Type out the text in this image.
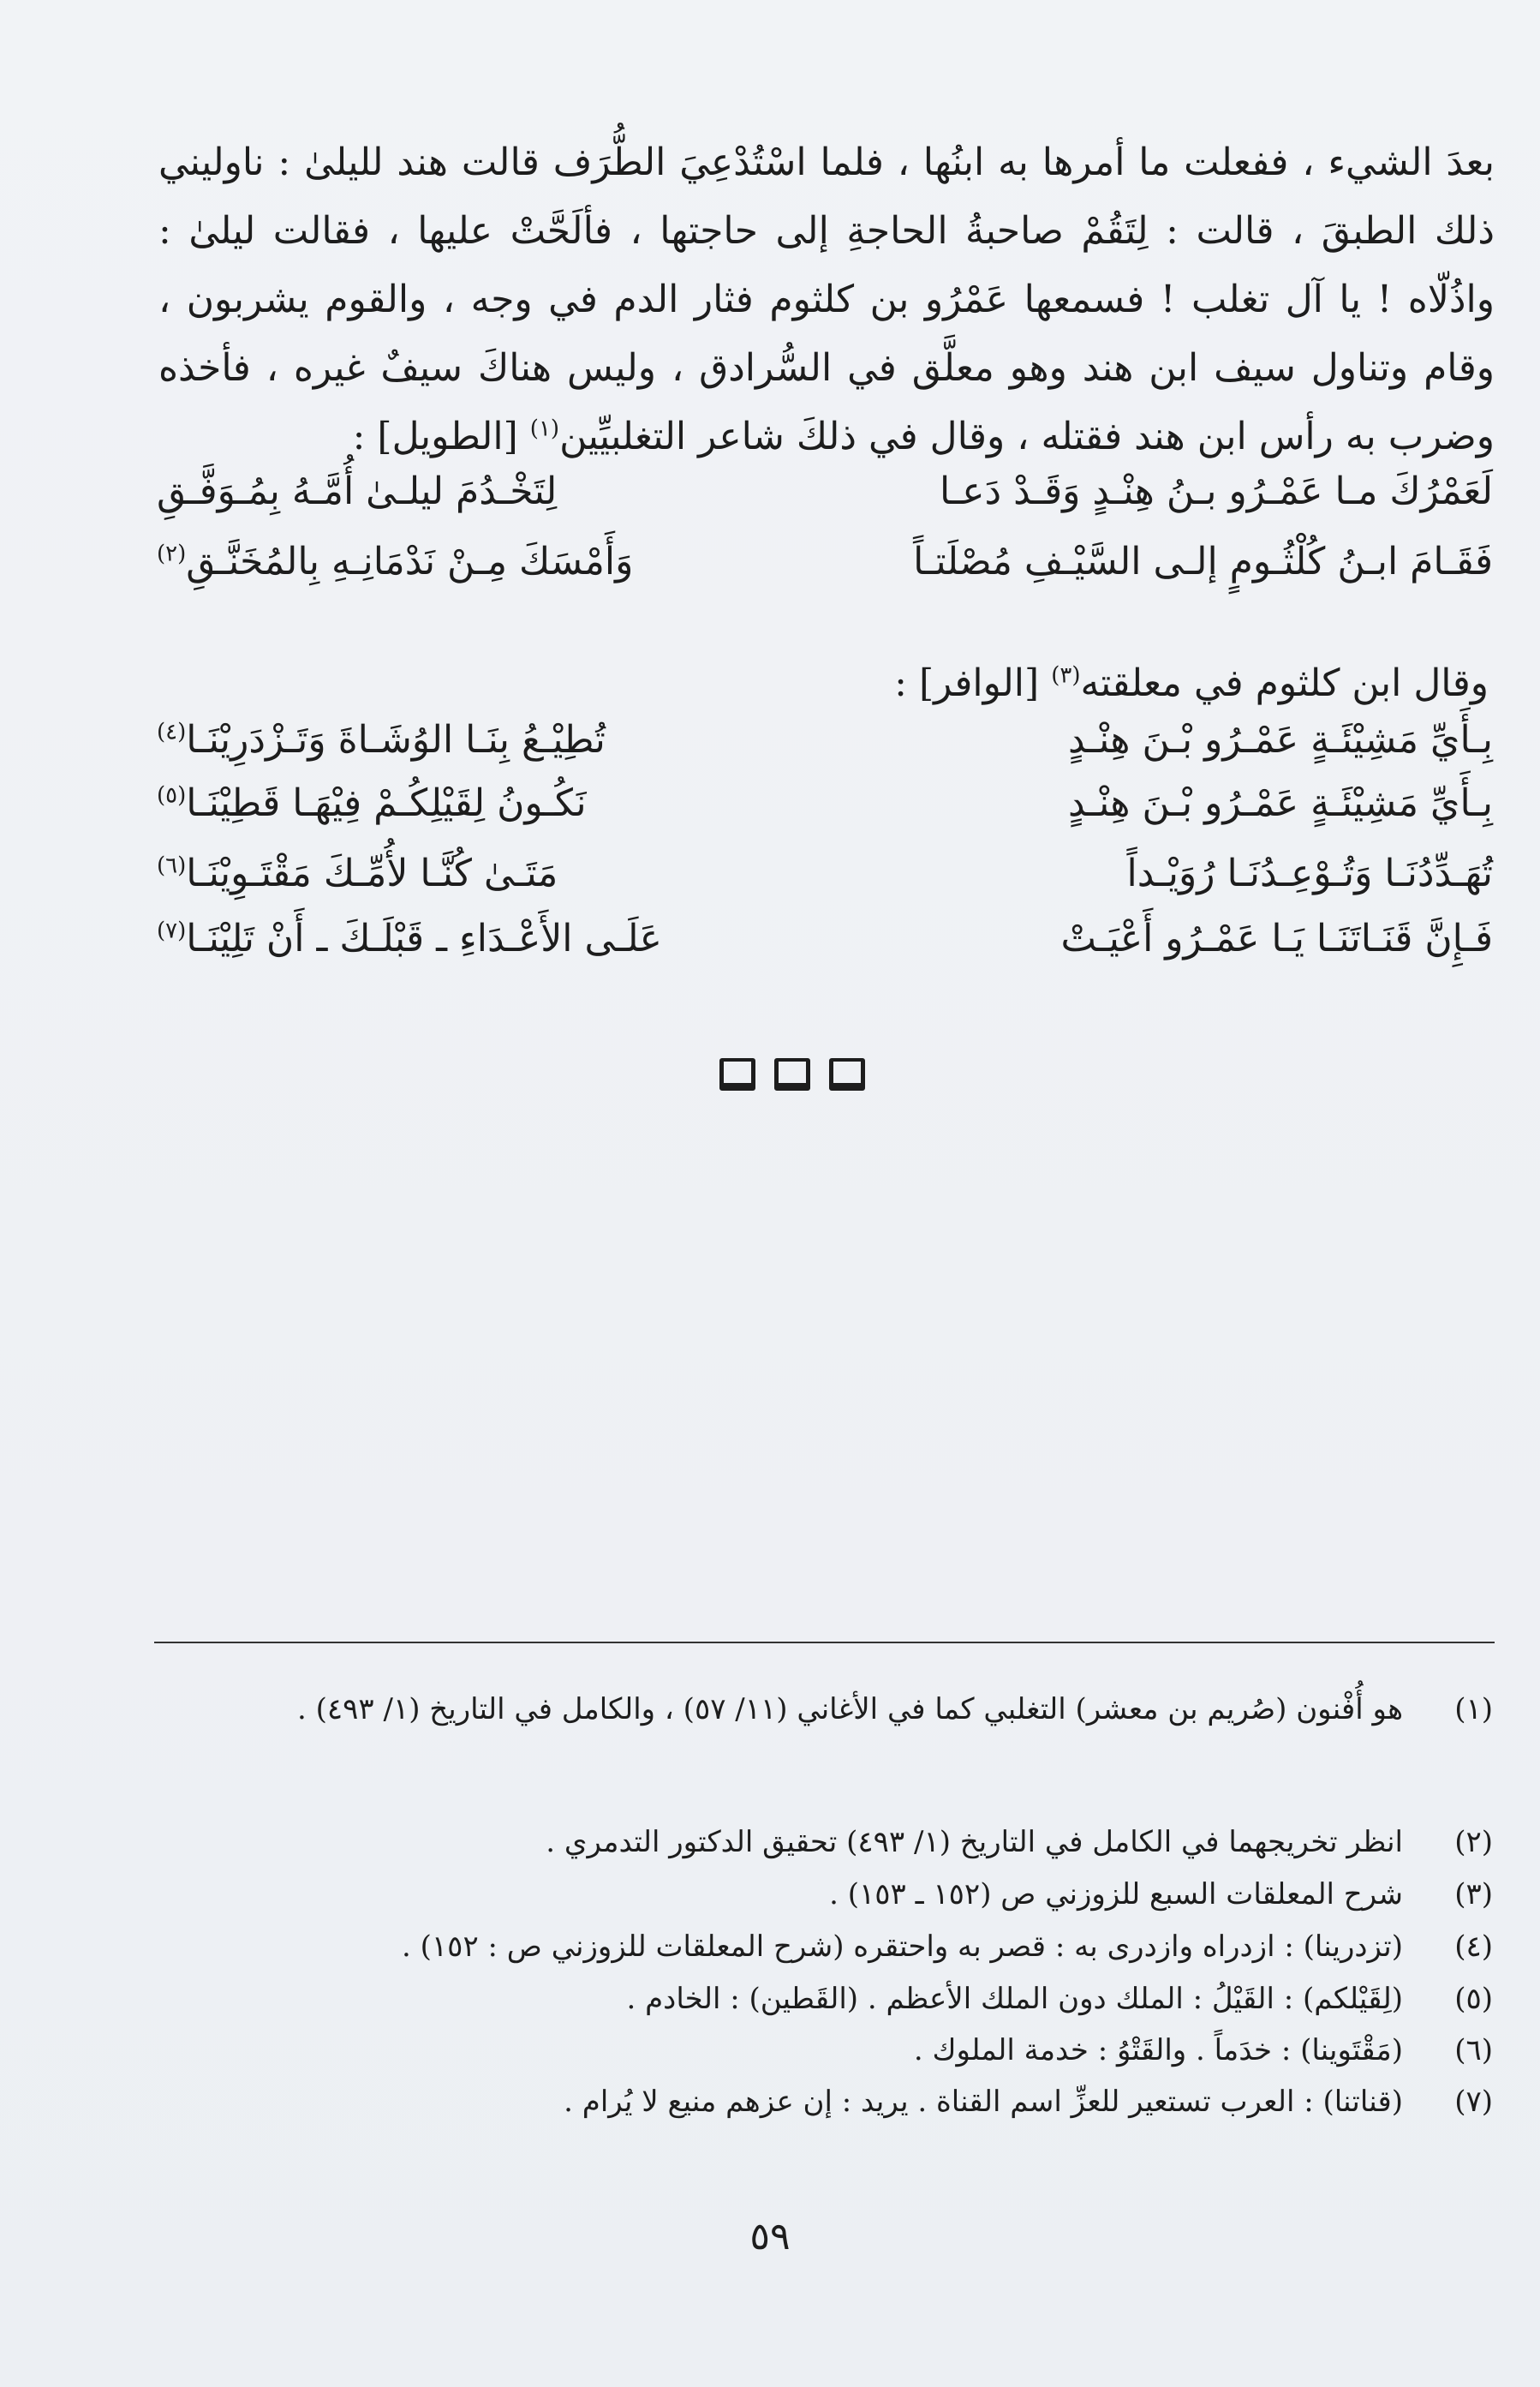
بعدَ الشيء ، ففعلت ما أمرها به ابنُها ، فلما اسْتُدْعِيَ الطُّرَف قالت هند لليلىٰ : ناوليني

ذلك الطبقَ ، قالت : لِتَقُمْ صاحبةُ الحاجةِ إلى حاجتها ، فألَحَّتْ عليها ، فقالت ليلىٰ :

واذُلّاه ! يا آل تغلب ! فسمعها عَمْرُو بن كلثوم فثار الدم في وجه ، والقوم يشربون ،

وقام وتناول سيف ابن هند وهو معلَّق في السُّرادق ، وليس هناكَ سيفٌ غيره ، فأخذه

وضرب به رأس ابن هند فقتله ، وقال في ذلكَ شاعر التغلبيِّين$^{(١)}$ [الطويل] :

لَعَمْرُكَ مـا عَمْـرُو بـنُ هِنْـدٍ وَقَـدْ دَعـا
لِتَخْـدُمَ ليلـىٰ أُمَّـهُ بِمُـوَفَّـقِ
فَقَـامَ ابـنُ كُلْثُـومٍ إلـى السَّيْـفِ مُصْلَتـاً
وَأَمْسَكَ مِـنْ نَدْمَانِـهِ بِالمُخَنَّـقِ$^{(٢)}$
وقال ابن كلثوم في معلقته$^{(٣)}$ [الوافر] :
بِـأَيِّ مَشِيْئَـةٍ عَمْـرُو بْـنَ هِنْـدٍ
تُطِيْـعُ بِنَـا الوُشَـاةَ وَتَـزْدَرِيْنَـا$^{(٤)}$
بِـأَيِّ مَشِيْئَـةٍ عَمْـرُو بْـنَ هِنْـدٍ
نَكُـونُ لِقَيْلِكُـمْ فِيْهَـا قَطِيْنَـا$^{(٥)}$
تُهَـدِّدُنَـا وَتُـوْعِـدُنَـا رُوَيْـداً
مَتَـىٰ كُنَّـا لأُمِّـكَ مَقْتَـوِيْنَـا$^{(٦)}$
فَـإِنَّ قَنَـاتَنَـا يَـا عَمْـرُو أَعْيَـتْ
عَلَـى الأَعْـدَاءِ ـ قَبْلَـكَ ـ أَنْ تَلِيْنَـا$^{(٧)}$
(١)
هو أُفْنون (صُريم بن معشر) التغلبي كما في الأغاني (١١/ ٥٧) ، والكامل في التاريخ (١/ ٤٩٣) .
(٢)
انظر تخريجهما في الكامل في التاريخ (١/ ٤٩٣) تحقيق الدكتور التدمري .
(٣)
شرح المعلقات السبع للزوزني ص (١٥٢ ـ ١٥٣) .
(٤)
(تزدرينا) : ازدراه وازدرى به : قصر به واحتقره (شرح المعلقات للزوزني ص : ١٥٢) .
(٥)
(لِقَيْلكم) : القَيْلُ : الملك دون الملك الأعظم . (القَطين) : الخادم .
(٦)
(مَقْتَوينا) : خدَماً . والقَتْوُ : خدمة الملوك .
(٧)
(قناتنا) : العرب تستعير للعزِّ اسم القناة . يريد : إن عزهم منيع لا يُرام .
٥٩
